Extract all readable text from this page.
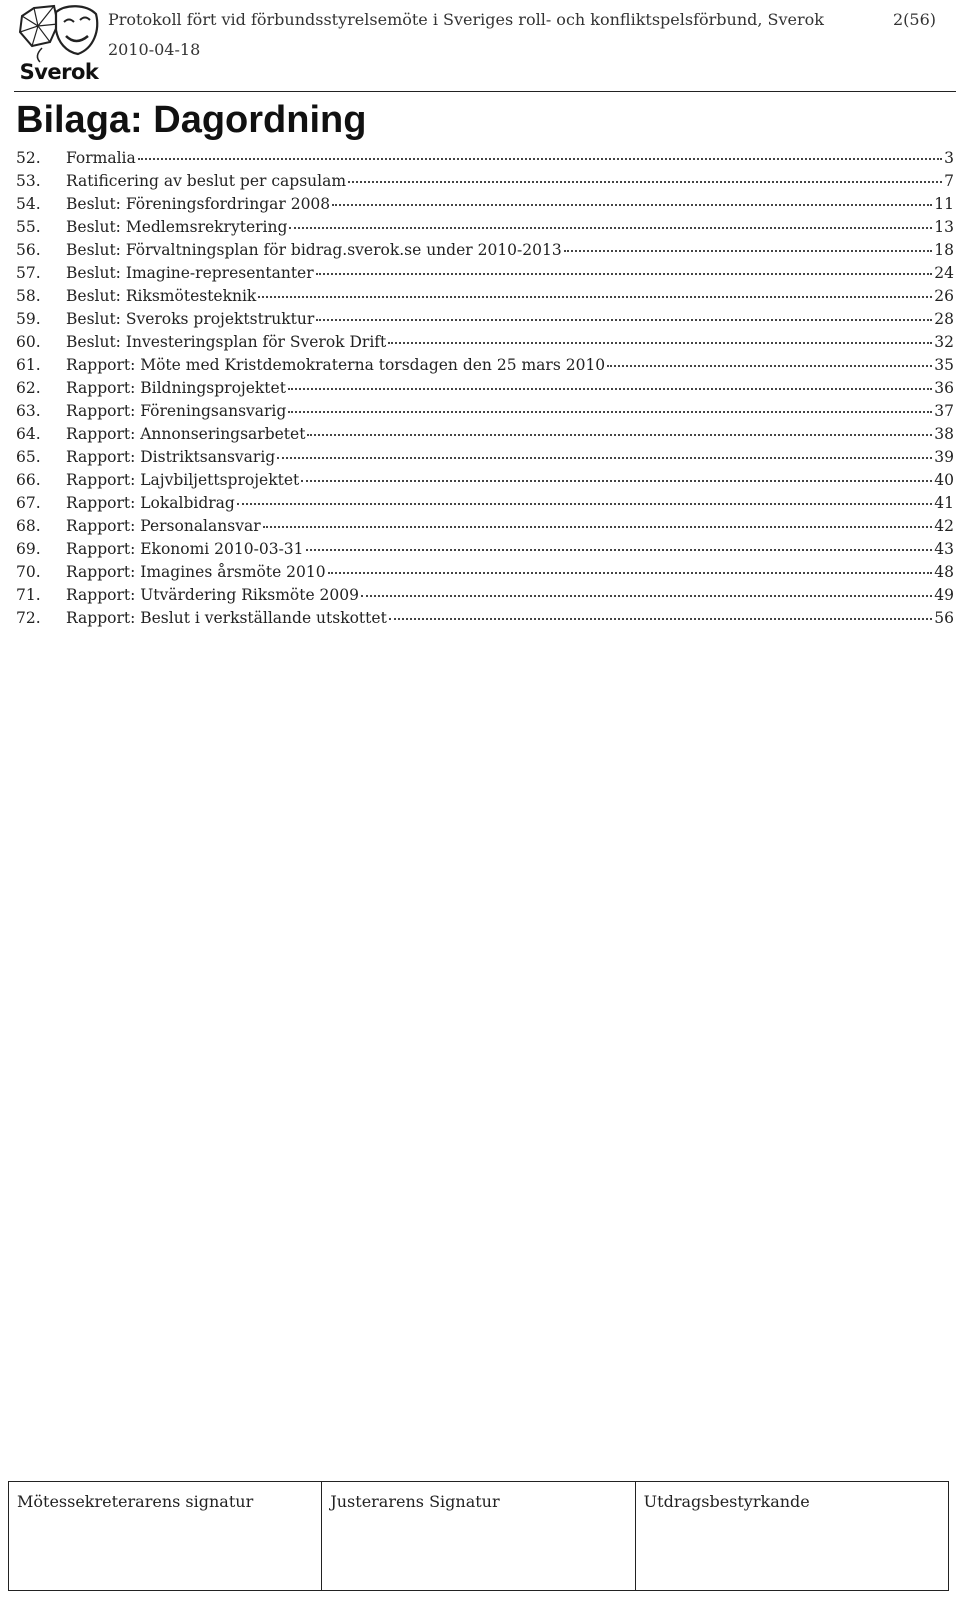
Sverok
Protokoll fört vid förbundsstyrelsemöte i Sveriges roll- och konfliktspelsförbund, Sverok
2010-04-18
2(56)
Bilaga: Dagordning
52.	Formalia	3
53.	Ratificering av beslut per capsulam	7
54.	Beslut: Föreningsfordringar 2008	11
55.	Beslut: Medlemsrekrytering	13
56.	Beslut: Förvaltningsplan för bidrag.sverok.se under 2010-2013	18
57.	Beslut: Imagine-representanter	24
58.	Beslut: Riksmötesteknik	26
59.	Beslut: Sveroks projektstruktur	28
60.	Beslut: Investeringsplan för Sverok Drift	32
61.	Rapport: Möte med Kristdemokraterna torsdagen den 25 mars 2010	35
62.	Rapport: Bildningsprojektet	36
63.	Rapport: Föreningsansvarig	37
64.	Rapport: Annonseringsarbetet	38
65.	Rapport: Distriktsansvarig	39
66.	Rapport: Lajvbiljettsprojektet	40
67.	Rapport: Lokalbidrag	41
68.	Rapport: Personalansvar	42
69.	Rapport: Ekonomi 2010-03-31	43
70.	Rapport: Imagines årsmöte 2010	48
71.	Rapport: Utvärdering Riksmöte 2009	49
72.	Rapport: Beslut i verkställande utskottet	56
Mötessekreterarens signatur	Justerarens Signatur	Utdragsbestyrkande
